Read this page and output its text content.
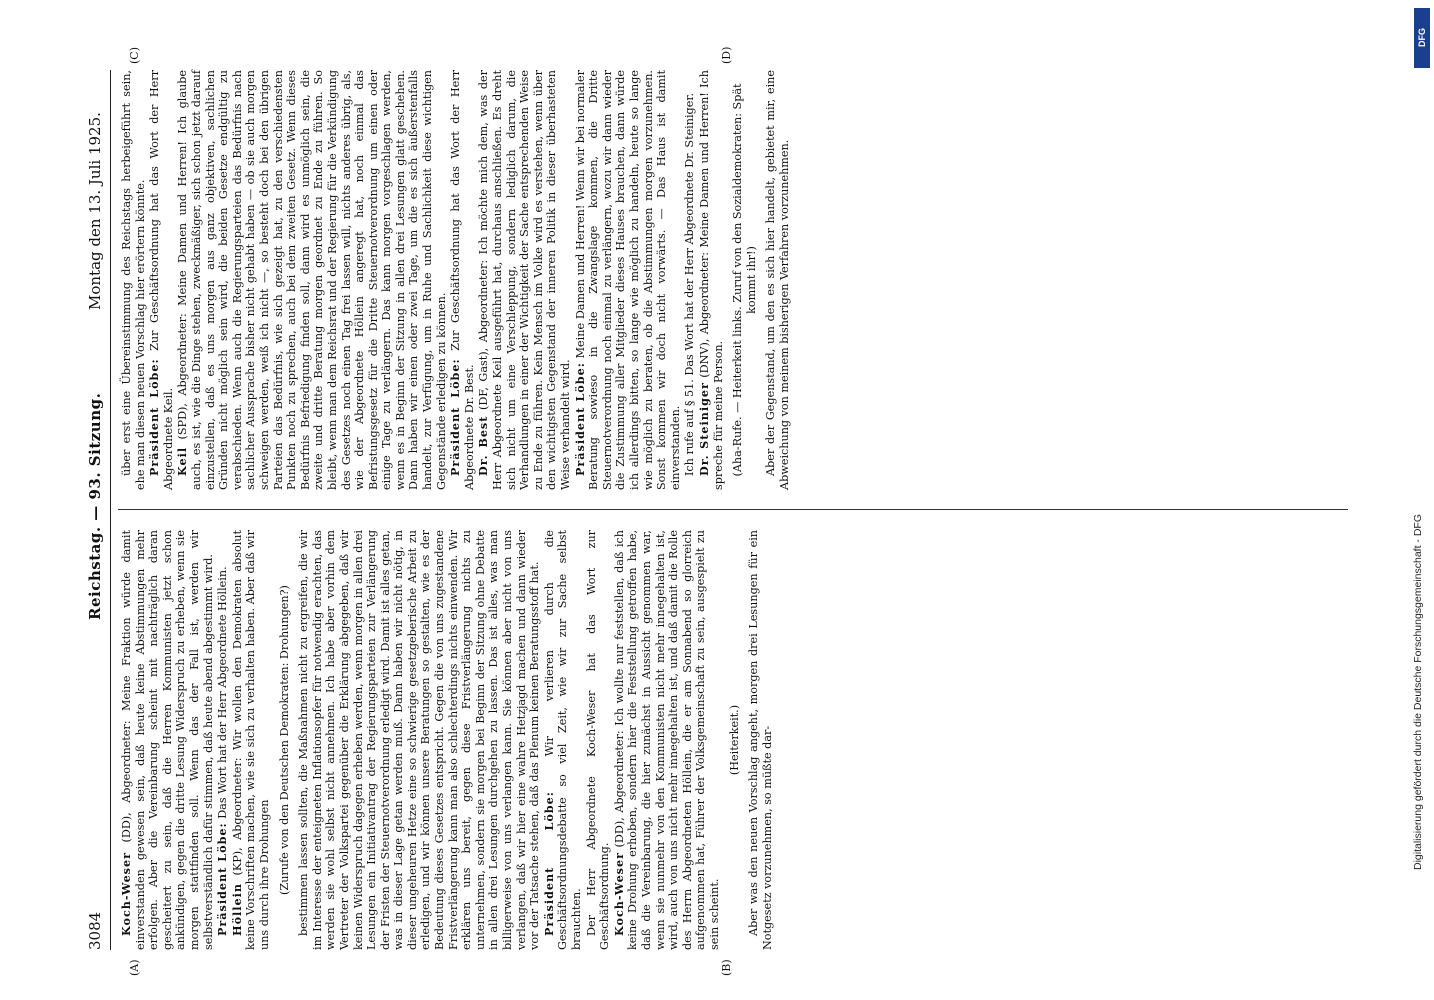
3084
Reichstag. — 93. Sitzung.
Montag den 13. Juli 1925.
(A)	(B)
(C)	(D)

Koch-Weser (DD), Abgeordneter: Meine Fraktion würde damit einverstanden gewesen sein, daß heute keine Abstimmungen mehr erfolgen. Aber die Vereinbarung scheint mit nachträglich daran gescheitert zu sein, daß die Herren Kommunisten jetzt schon ankündigen, gegen die dritte Lesung Widerspruch zu erheben, wenn sie morgen stattfinden soll. Wenn das der Fall ist, werden wir selbstverständlich dafür stimmen, daß heute abend abgestimmt wird. Präsident Löbe: Das Wort hat der Herr Abgeordnete Höllein.

Höllein (KP), Abgeordneter: Wir wollen den Demokraten absolut keine Vorschriften machen, wie sie sich zu verhalten haben. Aber daß wir uns durch ihre Drohungen (Zurufe von den Deutschen Demokraten: Drohungen?) bestimmen lassen sollten, die Maßnahmen nicht zu ergreifen, die wir im Interesse der enteigneten Inflationsopfer für notwendig erachten, das werden sie wohl selbst nicht annehmen. Ich habe aber vorhin dem Vertreter der Volkspartei gegenüber die Erklärung abgegeben, daß wir keinen Widerspruch dagegen erheben werden, wenn morgen in allen drei Lesungen ein Initiativantrag der Regierungsparteien zur Verlängerung der Fristen der Steuernotverordnung erledigt wird. Damit ist alles getan, was in dieser Lage getan werden muß. Dann haben wir nicht nötig, in dieser ungeheuren Hetze eine so schwierige gesetzgeberische Arbeit zu erledigen, und wir können unsere Beratungen so gestalten, wie es der Bedeutung dieses Gesetzes entspricht. Gegen die von uns zugestandene Fristverlängerung kann man also schlechterdings nichts einwenden. Wir erklären uns bereit, gegen diese Fristverlängerung nichts zu unternehmen, sondern sie morgen bei Beginn der Sitzung ohne Debatte in allen drei Lesungen durchgehen zu lassen. Das ist alles, was man billigerweise von uns verlangen kann. Sie können aber nicht von uns verlangen, daß wir hier eine wahre Hetzjagd machen und dann wieder vor der Tatsache stehen, daß das Plenum keinen Beratungsstoff hat. Präsident Löbe: Wir verlieren durch die Geschäftsordnungsdebatte so viel Zeit, wie wir zur Sache selbst brauchten. Der Herr Abgeordnete Koch-Weser hat das Wort zur Geschäftsordnung. Koch-Weser (DD), Abgeordneter: Ich wollte nur feststellen, daß ich keine Drohung erhoben, sondern hier die Feststellung getroffen habe, daß die Vereinbarung, die hier zunächst in Aussicht genommen war, wenn sie nunmehr von den Kommunisten nicht mehr innegehalten ist, wird, auch von uns nicht mehr innegehalten ist, und daß damit die Rolle des Herrn Abgeordneten Höllein, die er am Sonnabend so glorreich aufgenommen hat, Führer der Volksgemeinschaft zu sein, ausgespielt zu sein scheint.

(Heiterkeit.) Aber was den neuen Vorschlag angeht, morgen drei Lesungen für ein Notgesetz vorzunehmen, so müßte dar-

über erst eine Übereinstimmung des Reichstags herbeigeführt sein, ehe man diesen neuen Vorschlag hier erörtern könnte. Präsident Löbe: Zur Geschäftsordnung hat das Wort der Herr Abgeordnete Keil. Keil (SPD), Abgeordneter: Meine Damen und Herren! Ich glaube auch, es ist, wie die Dinge stehen, zweckmäßiger, sich schon jetzt darauf einzustellen, daß es uns morgen aus ganz objektiven, sachlichen Gründen nicht möglich sein wird, die beiden Gesetze endgültig zu verabschieden. Wenn auch die Regierungsparteien das Bedürfnis nach sachlicher Aussprache bisher nicht gehabt haben — ob sie auch morgen schweigen werden, weiß ich nicht —, so besteht doch bei den übrigen Parteien das Bedürfnis, wie sich gezeigt hat, zu den verschiedensten Punkten noch zu sprechen, auch bei dem zweiten Gesetz. Wenn dieses Bedürfnis Befriedigung finden soll, dann wird es unmöglich sein, die zweite und dritte Beratung morgen geordnet zu Ende zu führen. So bleibt, wenn man dem Reichsrat und der Regierung für die Verkündigung des Gesetzes noch einen Tag frei lassen will, nichts anderes übrig, als, wie der Abgeordnete Höllein angeregt hat, noch einmal das Befristungsgesetz für die Dritte Steuernotverordnung um einen oder einige Tage zu verlängern. Das kann morgen vorgeschlagen werden, wenn es in Beginn der Sitzung in allen drei Lesungen glatt geschehen. Dann haben wir einen oder zwei Tage, um die es sich äußerstenfalls handelt, zur Verfügung, um in Ruhe und Sachlichkeit diese wichtigen Gegenstände erledigen zu können. Präsident Löbe: Zur Geschäftsordnung hat das Wort der Herr Abgeordnete Dr. Best. Dr. Best (DF, Gast), Abgeordneter: Ich möchte mich dem, was der Herr Abgeordnete Keil ausgeführt hat, durchaus anschließen. Es dreht sich nicht um eine Verschleppung, sondern lediglich darum, die Verhandlungen in einer der Wichtigkeit der Sache entsprechenden Weise zu Ende zu führen. Kein Mensch im Volke wird es verstehen, wenn über den wichtigsten Gegenstand der inneren Politik in dieser überhasteten Weise verhandelt wird. Präsident Löbe: Meine Damen und Herren! Wenn wir bei normaler Beratung sowieso in die Zwangslage kommen, die Dritte Steuernotverordnung noch einmal zu verlängern, wozu wir dann wieder die Zustimmung aller Mitglieder dieses Hauses brauchen, dann würde ich allerdings bitten, so lange wie möglich zu handeln, heute so lange wie möglich zu beraten, ob die Abstimmungen morgen vorzunehmen. Sonst kommen wir doch nicht vorwärts. — Das Haus ist damit einverstanden. Ich rufe auf § 51. Das Wort hat der Herr Abgeordnete Dr. Steiniger. Dr. Steiniger (DNV), Abgeordneter: Meine Damen und Herren! Ich spreche für meine Person. (Aha-Rufe. — Heiterkeit links. Zuruf von den Sozialdemokraten: Spät kommt ihr!) Aber der Gegenstand, um den es sich hier handelt, gebietet mir, eine Abweichung von meinem bisherigen Verfahren vorzunehmen.

Digitalisierung gefördert durch die Deutsche Forschungsgemeinschaft - DFG
DFG
